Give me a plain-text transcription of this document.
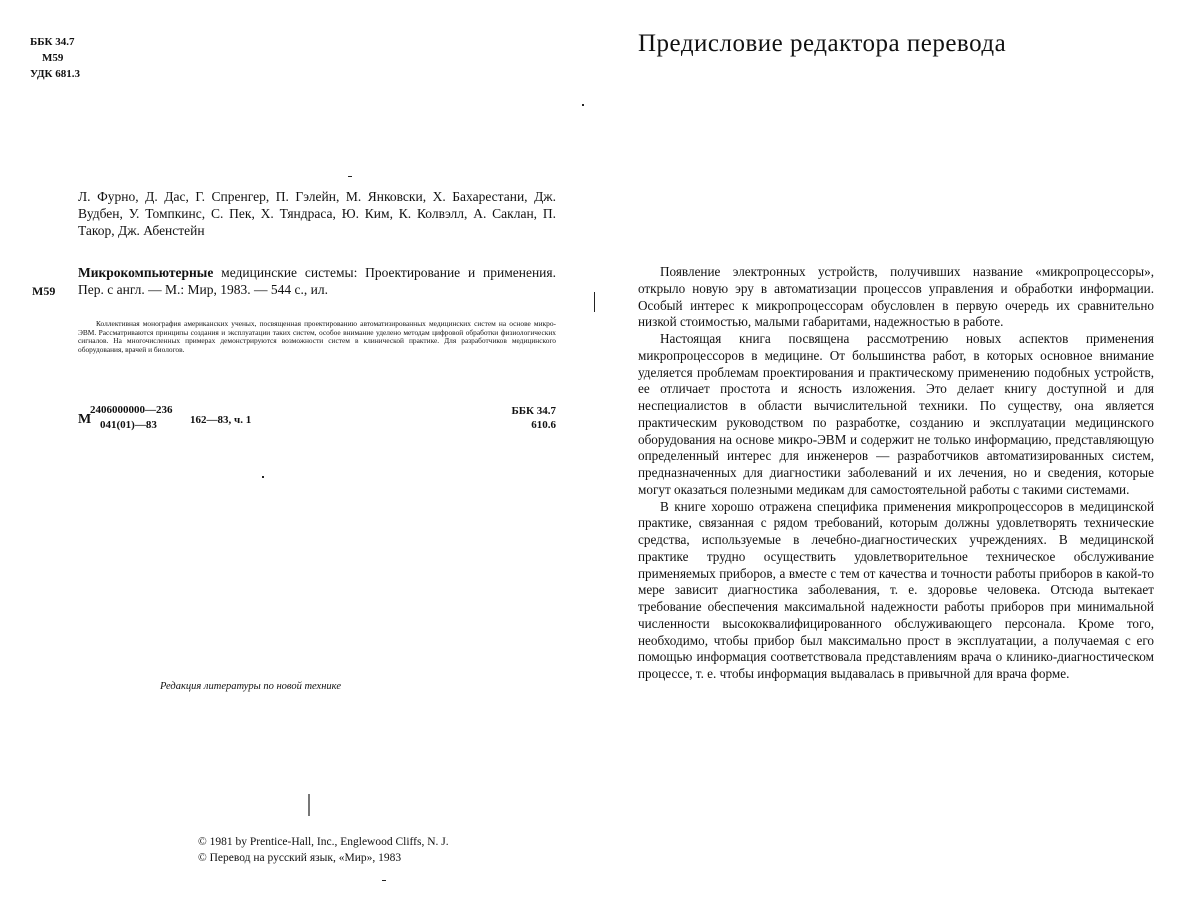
ББК 34.7
М59
УДК 681.3
Л. Фурно, Д. Дас, Г. Спренгер, П. Гэлейн, М. Янковски, Х. Бахарестани, Дж. Вудбен, У. Томпкинс, С. Пек, Х. Тяндраса, Ю. Ким, К. Колвэлл, А. Саклан, П. Такор, Дж. Абенстейн
М59
Микрокомпьютерные медицинские системы: Проектирование и применения. Пер. с англ. — М.: Мир, 1983. — 544 с., ил.
Коллективная монография американских ученых, посвященная проектированию автоматизированных медицинских систем на основе микро-ЭВМ. Рассматриваются принципы создания и эксплуатации таких систем, особое внимание уделено методам цифровой обработки физиологических сигналов. На многочисленных примерах демонстрируются возможности систем в клинической практике. Для разработчиков медицинского оборудования, врачей и биологов.
М
2406000000—236
041(01)—83	162—83, ч. 1
ББК 34.7
610.6
Редакция литературы по новой технике
© 1981 by Prentice-Hall, Inc., Englewood Cliffs, N. J.
© Перевод на русский язык, «Мир», 1983
Предисловие редактора перевода

Появление электронных устройств, получивших название «микропроцессоры», открыло новую эру в автоматизации процессов управления и обработки информации. Особый интерес к микропроцессорам обусловлен в первую очередь их сравнительно низкой стоимостью, малыми габаритами, надежностью в работе.

Настоящая книга посвящена рассмотрению новых аспектов применения микропроцессоров в медицине. От большинства работ, в которых основное внимание уделяется проблемам проектирования и практическому применению подобных устройств, ее отличает простота и ясность изложения. Это делает книгу доступной и для неспециалистов в области вычислительной техники. По существу, она является практическим руководством по разработке, созданию и эксплуатации медицинского оборудования на основе микро-ЭВМ и содержит не только информацию, представляющую определенный интерес для инженеров — разработчиков автоматизированных систем, предназначенных для диагностики заболеваний и их лечения, но и сведения, которые могут оказаться полезными медикам для самостоятельной работы с такими системами.

В книге хорошо отражена специфика применения микропроцессоров в медицинской практике, связанная с рядом требований, которым должны удовлетворять технические средства, используемые в лечебно-диагностических учреждениях. В медицинской практике трудно осуществить удовлетворительное техническое обслуживание применяемых приборов, а вместе с тем от качества и точности работы приборов в какой-то мере зависит диагностика заболевания, т. е. здоровье человека. Отсюда вытекает требование обеспечения максимальной надежности работы приборов при минимальной численности высококвалифицированного обслуживающего персонала. Кроме того, необходимо, чтобы прибор был максимально прост в эксплуатации, а получаемая с его помощью информация соответствовала представлениям врача о клинико-диагностическом процессе, т. е. чтобы информация выдавалась в привычной для врача форме.
